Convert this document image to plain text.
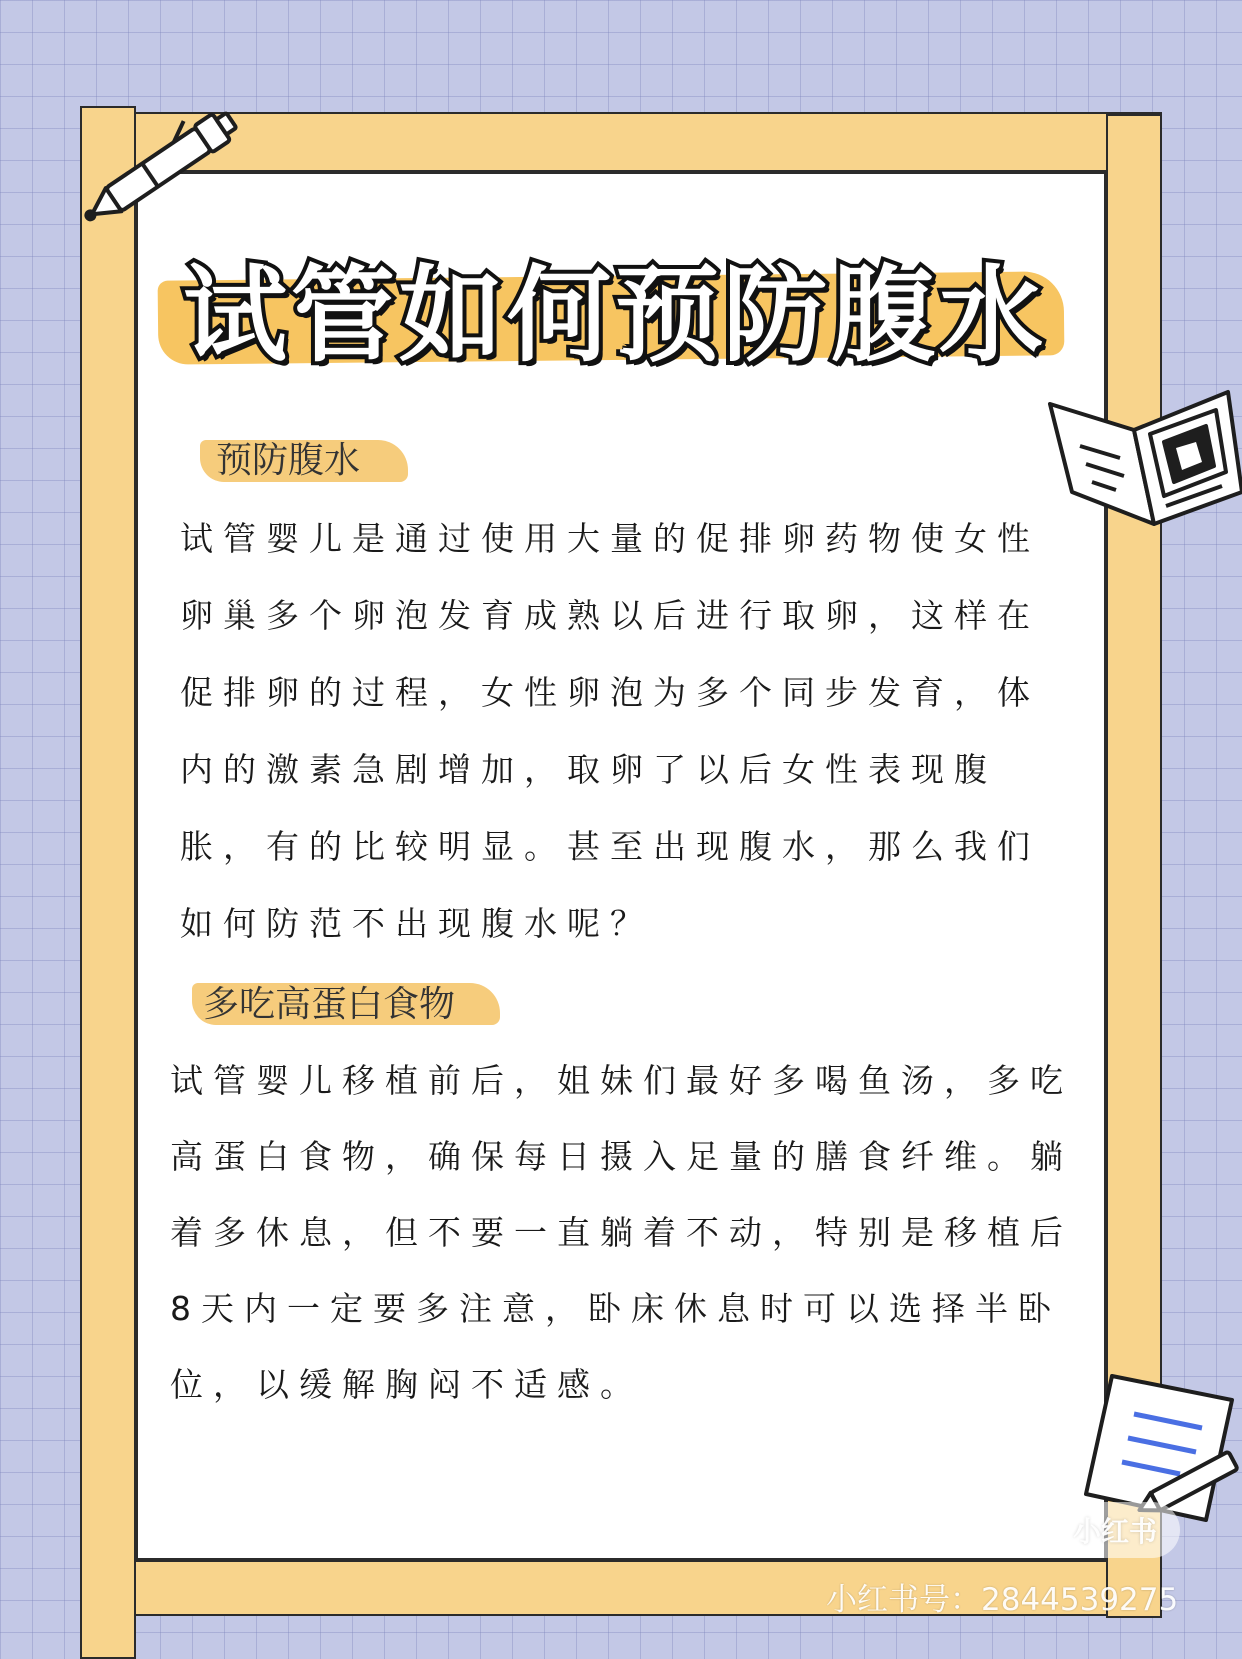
试管如何预防腹水
预防腹水
试管婴儿是通过使用大量的促排卵药物使女性卵巢多个卵泡发育成熟以后进行取卵，这样在促排卵的过程，女性卵泡为多个同步发育，体内的激素急剧增加，取卵了以后女性表现腹胀，有的比较明显。甚至出现腹水，那么我们如何防范不出现腹水呢？
多吃高蛋白食物
试管婴儿移植前后，姐妹们最好多喝鱼汤，多吃高蛋白食物，确保每日摄入足量的膳食纤维。躺着多休息，但不要一直躺着不动，特别是移植后8天内一定要多注意，卧床休息时可以选择半卧位，以缓解胸闷不适感。
小红书
小红书号：2844539275
